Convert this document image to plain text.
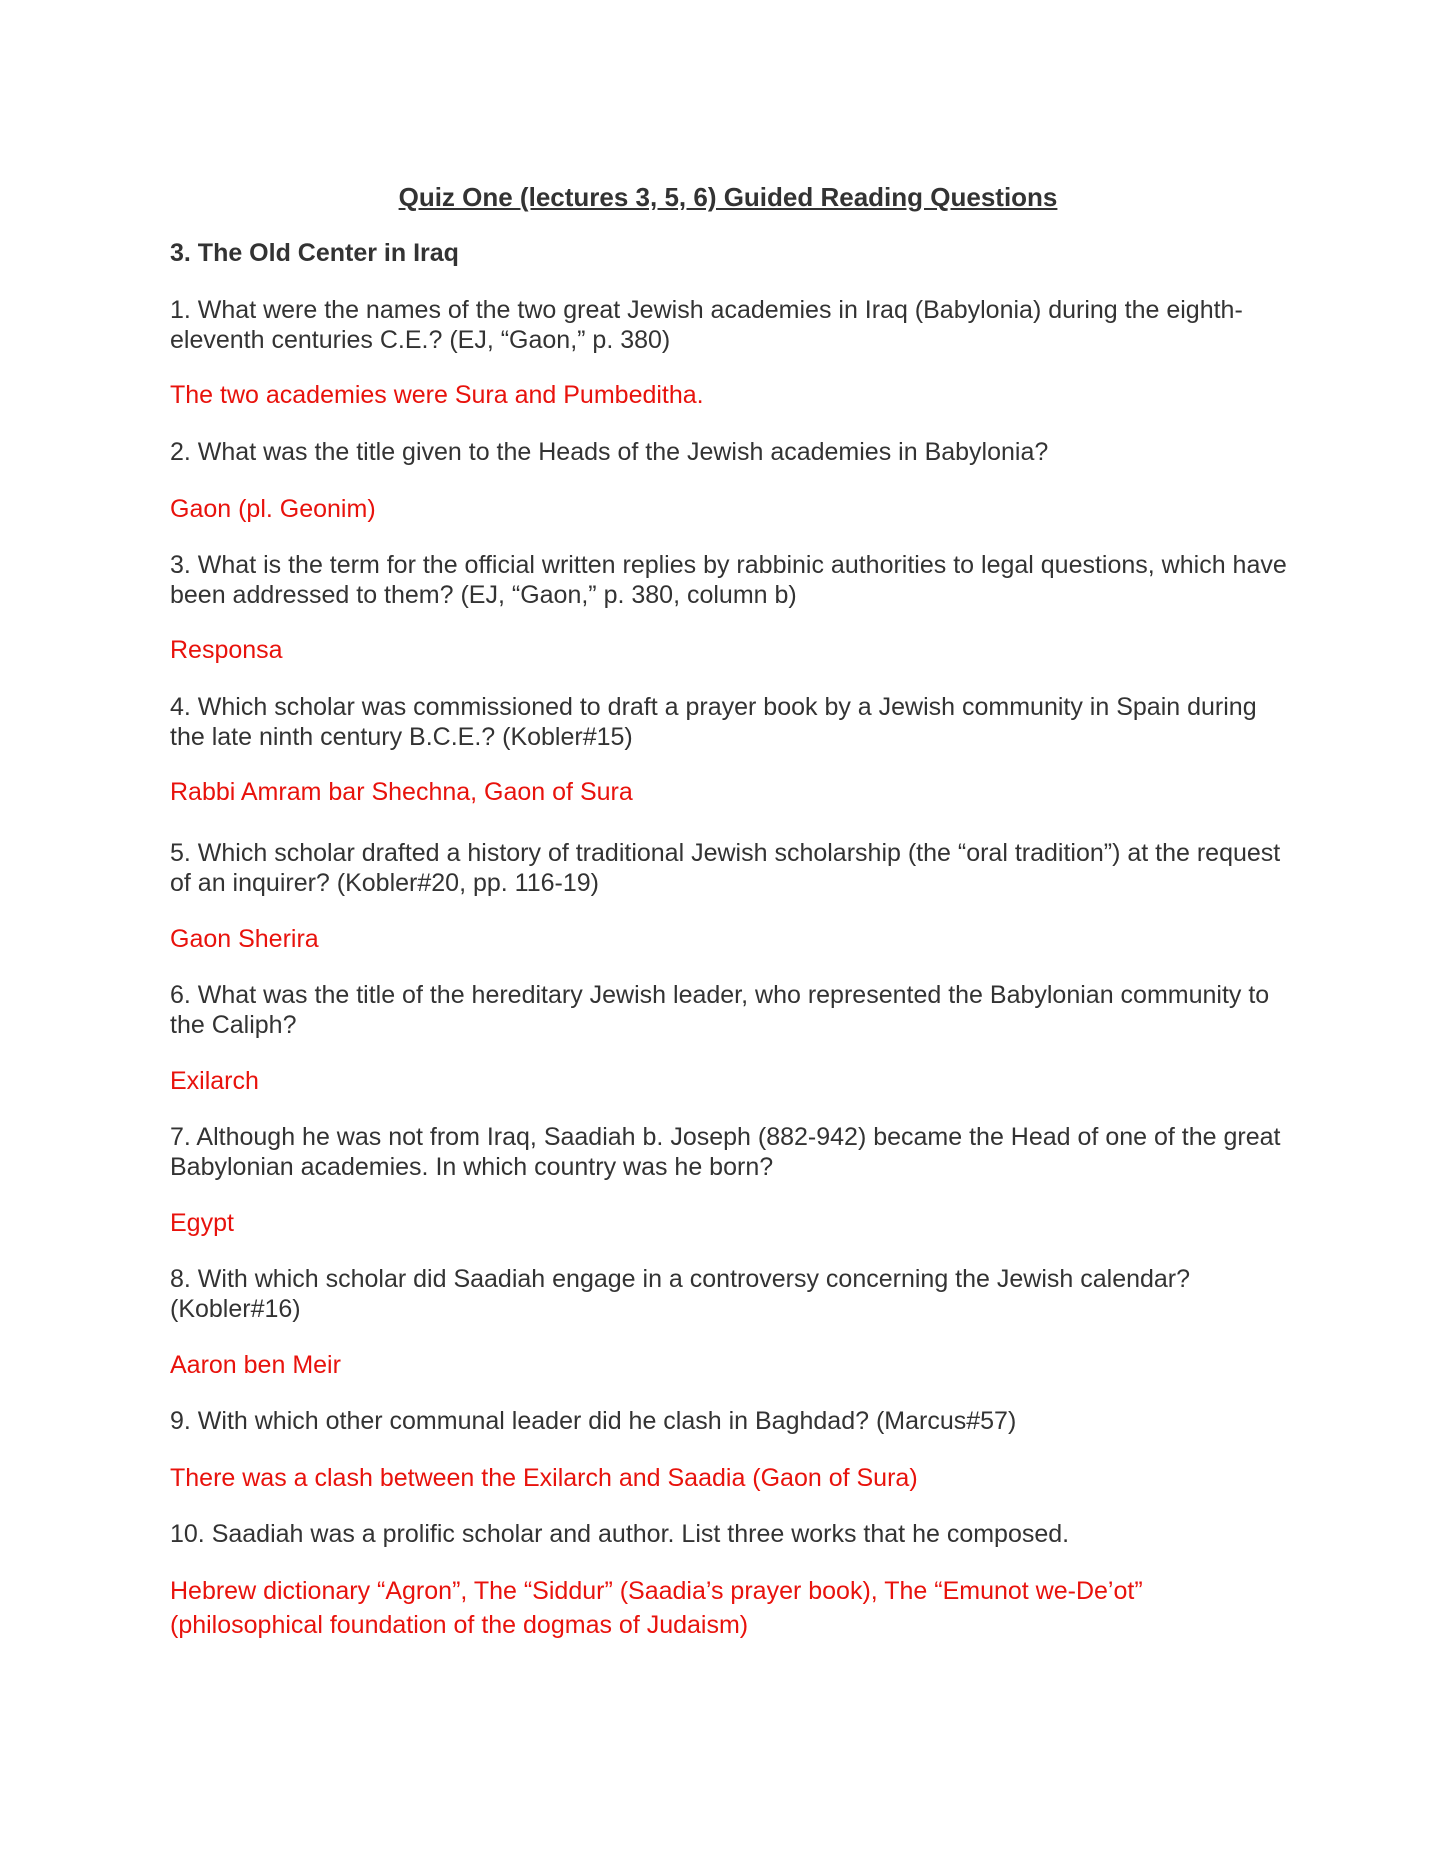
Quiz One (lectures 3, 5, 6) Guided Reading Questions
3. The Old Center in Iraq

1. What were the names of the two great Jewish academies in Iraq (Babylonia) during the eighth-eleventh centuries C.E.? (EJ, “Gaon,” p. 380)

The two academies were Sura and Pumbeditha.

2. What was the title given to the Heads of the Jewish academies in Babylonia?

Gaon (pl. Geonim)

3. What is the term for the official written replies by rabbinic authorities to legal questions, which have been addressed to them? (EJ, “Gaon,” p. 380, column b)

Responsa

4. Which scholar was commissioned to draft a prayer book by a Jewish community in Spain during the late ninth century B.C.E.? (Kobler#15)

Rabbi Amram bar Shechna, Gaon of Sura

5. Which scholar drafted a history of traditional Jewish scholarship (the “oral tradition”) at the request of an inquirer? (Kobler#20, pp. 116-19)

Gaon Sherira

6. What was the title of the hereditary Jewish leader, who represented the Babylonian community to the Caliph?

Exilarch

7. Although he was not from Iraq, Saadiah b. Joseph (882-942) became the Head of one of the great Babylonian academies. In which country was he born?

Egypt

8. With which scholar did Saadiah engage in a controversy concerning the Jewish calendar? (Kobler#16)

Aaron ben Meir

9. With which other communal leader did he clash in Baghdad? (Marcus#57)

There was a clash between the Exilarch and Saadia (Gaon of Sura)

10. Saadiah was a prolific scholar and author. List three works that he composed.

Hebrew dictionary “Agron”, The “Siddur” (Saadia’s prayer book), The “Emunot we-De’ot” (philosophical foundation of the dogmas of Judaism)
